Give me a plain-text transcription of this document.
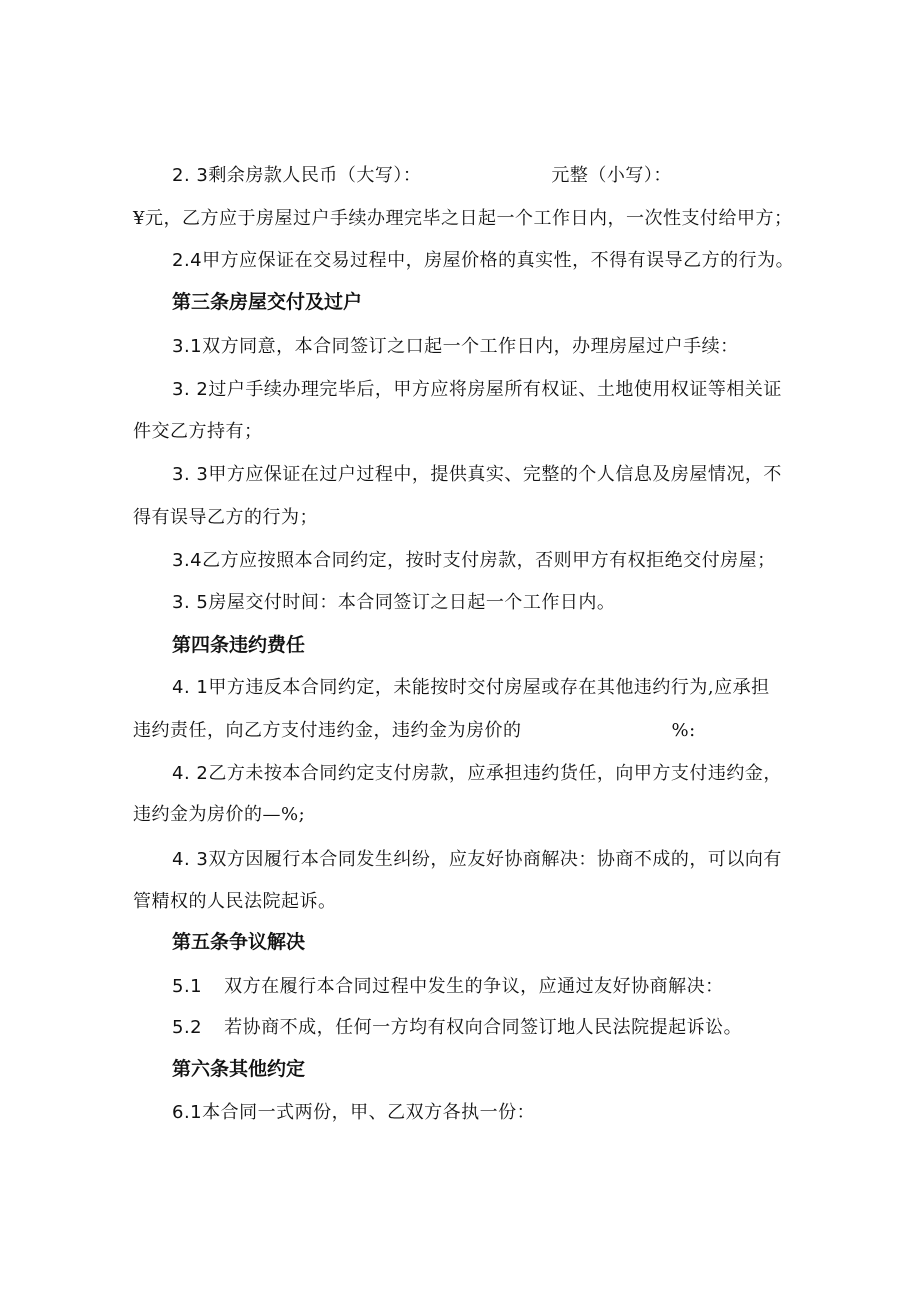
2. 3剩余房款人民币（大写）：	元整（小写）：
¥元，乙方应于房屋过户手续办理完毕之日起一个工作日内，一次性支付给甲方；
2.4甲方应保证在交易过程中，房屋价格的真实性，不得有误导乙方的行为。
第三条房屋交付及过户
3.1双方同意，本合同签订之口起一个工作日内，办理房屋过户手续：
3. 2过户手续办理完毕后，甲方应将房屋所有权证、土地使用权证等相关证
件交乙方持有；
3. 3甲方应保证在过户过程中，提供真实、完整的个人信息及房屋情况，不
得有误导乙方的行为；
3.4乙方应按照本合同约定，按时支付房款，否则甲方有权拒绝交付房屋；
3. 5房屋交付时间：本合同签订之日起一个工作日内。
第四条违约费任
4. 1甲方违反本合同约定，未能按时交付房屋或存在其他违约行为,应承担
违约责任，向乙方支付违约金，违约金为房价的	%:
4. 2乙方未按本合同约定支付房款，应承担违约货任，向甲方支付违约金，
违约金为房价的—%;
4. 3双方因履行本合同发生纠纷，应友好协商解决：协商不成的，可以向有
管精权的人民法院起诉。
第五条争议解决
5.1 双方在履行本合同过程中发生的争议，应通过友好协商解决：
5.2 若协商不成，任何一方均有权向合同签订地人民法院提起诉讼。
第六条其他约定
6.1本合同一式两份，甲、乙双方各执一份：
